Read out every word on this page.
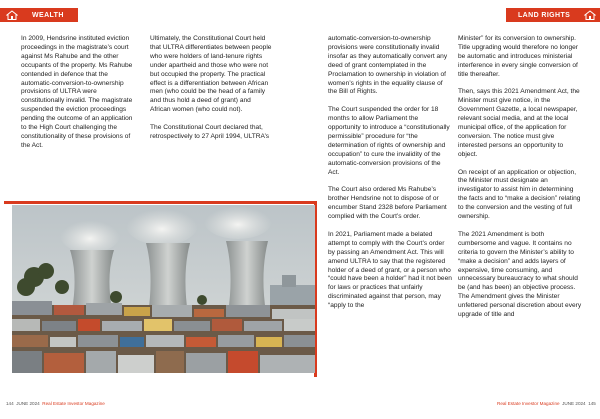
WEALTH	LAND RIGHTS

In 2009, Hendsrine instituted eviction proceedings in the magistrate’s court against Ms Rahube and the other occupants of the property. Ms Rahube contended in defence that the automatic-conversion-to-ownership provisions of ULTRA were constitutionally invalid. The magistrate suspended the eviction proceedings pending the outcome of an application to the High Court challenging the constitutionality of these provisions of the Act.

Ultimately, the Constitutional Court held that ULTRA differentiates between people who were holders of land-tenure rights under apartheid and those who were not but occupied the property. The practical effect is a differentiation between African men (who could be the head of a family and thus hold a deed of grant) and African women (who could not).

The Constitutional Court declared that, retrospectively to 27 April 1994, ULTRA’s

automatic-conversion-to-ownership provisions were constitutionally invalid insofar as they automatically convert any deed of grant contemplated in the Proclamation to ownership in violation of women’s rights in the equality clause of the Bill of Rights.

The Court suspended the order for 18 months to allow Parliament the opportunity to introduce a “constitutionally permissible” procedure for “the determination of rights of ownership and occupation” to cure the invalidity of the automatic-conversion provisions of the Act.

The Court also ordered Ms Rahube’s brother Hendsrine not to dispose of or encumber Stand 2328 before Parliament complied with the Court’s order.

In 2021, Parliament made a belated attempt to comply with the Court’s order by passing an Amendment Act. This will amend ULTRA to say that the registered holder of a deed of grant, or a person who “could have been a holder” had it not been for laws or practices that unfairly discriminated against that person, may “apply to the

Minister” for its conversion to ownership. Title upgrading would therefore no longer be automatic and introduces ministerial interference in every single conversion of title thereafter.

Then, says this 2021 Amendment Act, the Minister must give notice, in the Government Gazette, a local newspaper, relevant social media, and at the local municipal office, of the application for conversion. The notice must give interested persons an opportunity to object.

On receipt of an application or objection, the Minister must designate an investigator to assist him in determining the facts and to “make a decision” relating to the conversion and the vesting of full ownership.

The 2021 Amendment is both cumbersome and vague. It contains no criteria to govern the Minister’s ability to “make a decision” and adds layers of expensive, time consuming, and unnecessary bureaucracy to what should be (and has been) an objective process. The Amendment gives the Minister unfettered personal discretion about every upgrade of title and

144 JUNE 2024 Real Estate Investor Magazine	Real Estate Investor Magazine JUNE 2024 145
